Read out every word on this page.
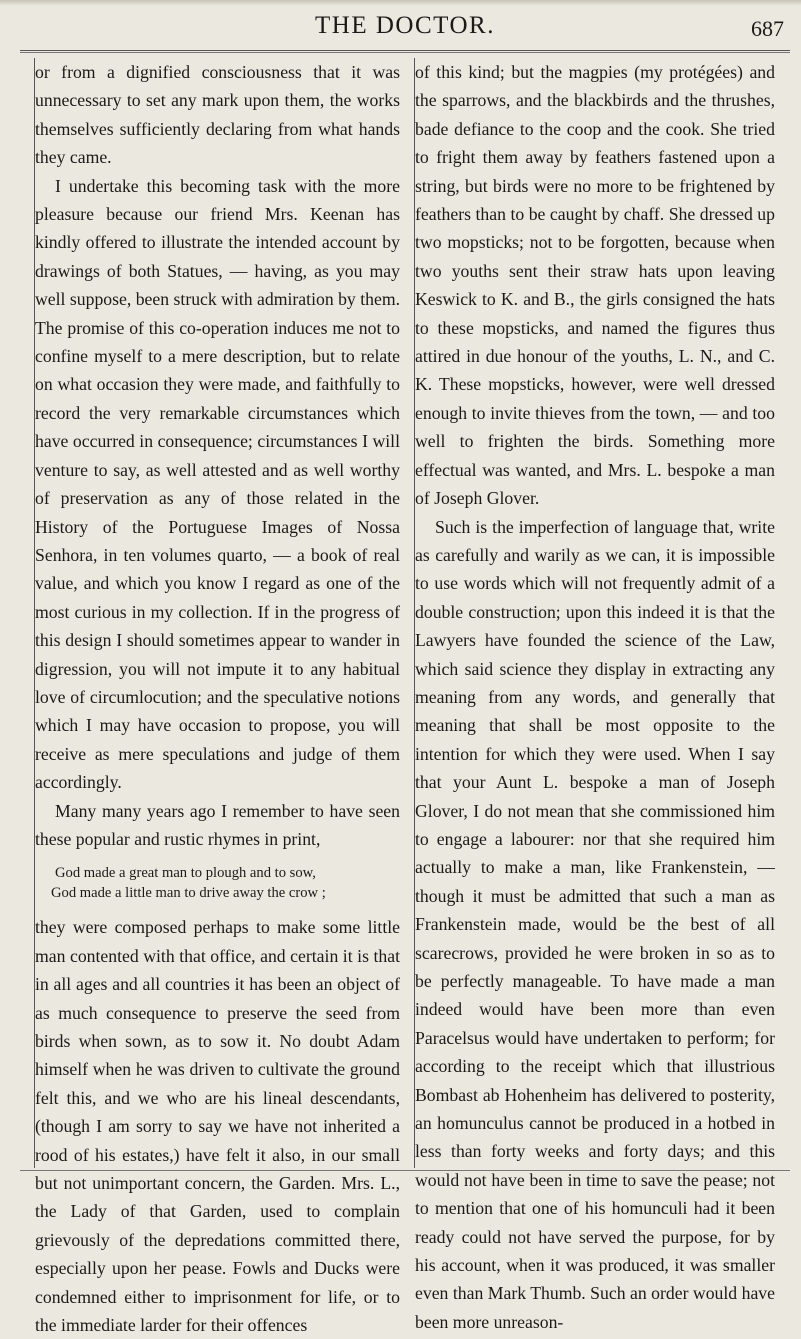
THE DOCTOR.	687

or from a dignified consciousness that it was unnecessary to set any mark upon them, the works themselves sufficiently declaring from what hands they came.

I undertake this becoming task with the more pleasure because our friend Mrs. Keenan has kindly offered to illustrate the intended account by drawings of both Statues, — having, as you may well suppose, been struck with admiration by them. The promise of this co-operation induces me not to confine myself to a mere description, but to relate on what occasion they were made, and faithfully to record the very remarkable circumstances which have occurred in consequence; circumstances I will venture to say, as well attested and as well worthy of preservation as any of those related in the History of the Portuguese Images of Nossa Senhora, in ten volumes quarto, — a book of real value, and which you know I regard as one of the most curious in my collection. If in the progress of this design I should sometimes appear to wander in digression, you will not impute it to any habitual love of circumlocution; and the speculative notions which I may have occasion to propose, you will receive as mere speculations and judge of them accordingly.

Many many years ago I remember to have seen these popular and rustic rhymes in print,

God made a great man to plough and to sow,
God made a little man to drive away the crow ;

they were composed perhaps to make some little man contented with that office, and certain it is that in all ages and all countries it has been an object of as much consequence to preserve the seed from birds when sown, as to sow it. No doubt Adam himself when he was driven to cultivate the ground felt this, and we who are his lineal descendants, (though I am sorry to say we have not inherited a rood of his estates,) have felt it also, in our small but not unimportant concern, the Garden. Mrs. L., the Lady of that Garden, used to complain grievously of the depredations committed there, especially upon her pease. Fowls and Ducks were condemned either to imprisonment for life, or to the immediate larder for their offences

of this kind; but the magpies (my protégées) and the sparrows, and the blackbirds and the thrushes, bade defiance to the coop and the cook. She tried to fright them away by feathers fastened upon a string, but birds were no more to be frightened by feathers than to be caught by chaff. She dressed up two mopsticks; not to be forgotten, because when two youths sent their straw hats upon leaving Keswick to K. and B., the girls consigned the hats to these mopsticks, and named the figures thus attired in due honour of the youths, L. N., and C. K. These mopsticks, however, were well dressed enough to invite thieves from the town, — and too well to frighten the birds. Something more effectual was wanted, and Mrs. L. bespoke a man of Joseph Glover.

Such is the imperfection of language that, write as carefully and warily as we can, it is impossible to use words which will not frequently admit of a double construction; upon this indeed it is that the Lawyers have founded the science of the Law, which said science they display in extracting any meaning from any words, and generally that meaning that shall be most opposite to the intention for which they were used. When I say that your Aunt L. bespoke a man of Joseph Glover, I do not mean that she commissioned him to engage a labourer: nor that she required him actually to make a man, like Frankenstein, — though it must be admitted that such a man as Frankenstein made, would be the best of all scarecrows, provided he were broken in so as to be perfectly manageable. To have made a man indeed would have been more than even Paracelsus would have undertaken to perform; for according to the receipt which that illustrious Bombast ab Hohenheim has delivered to posterity, an homunculus cannot be produced in a hotbed in less than forty weeks and forty days; and this would not have been in time to save the pease; not to mention that one of his homunculi had it been ready could not have served the purpose, for by his account, when it was produced, it was smaller even than Mark Thumb. Such an order would have been more unreason-
